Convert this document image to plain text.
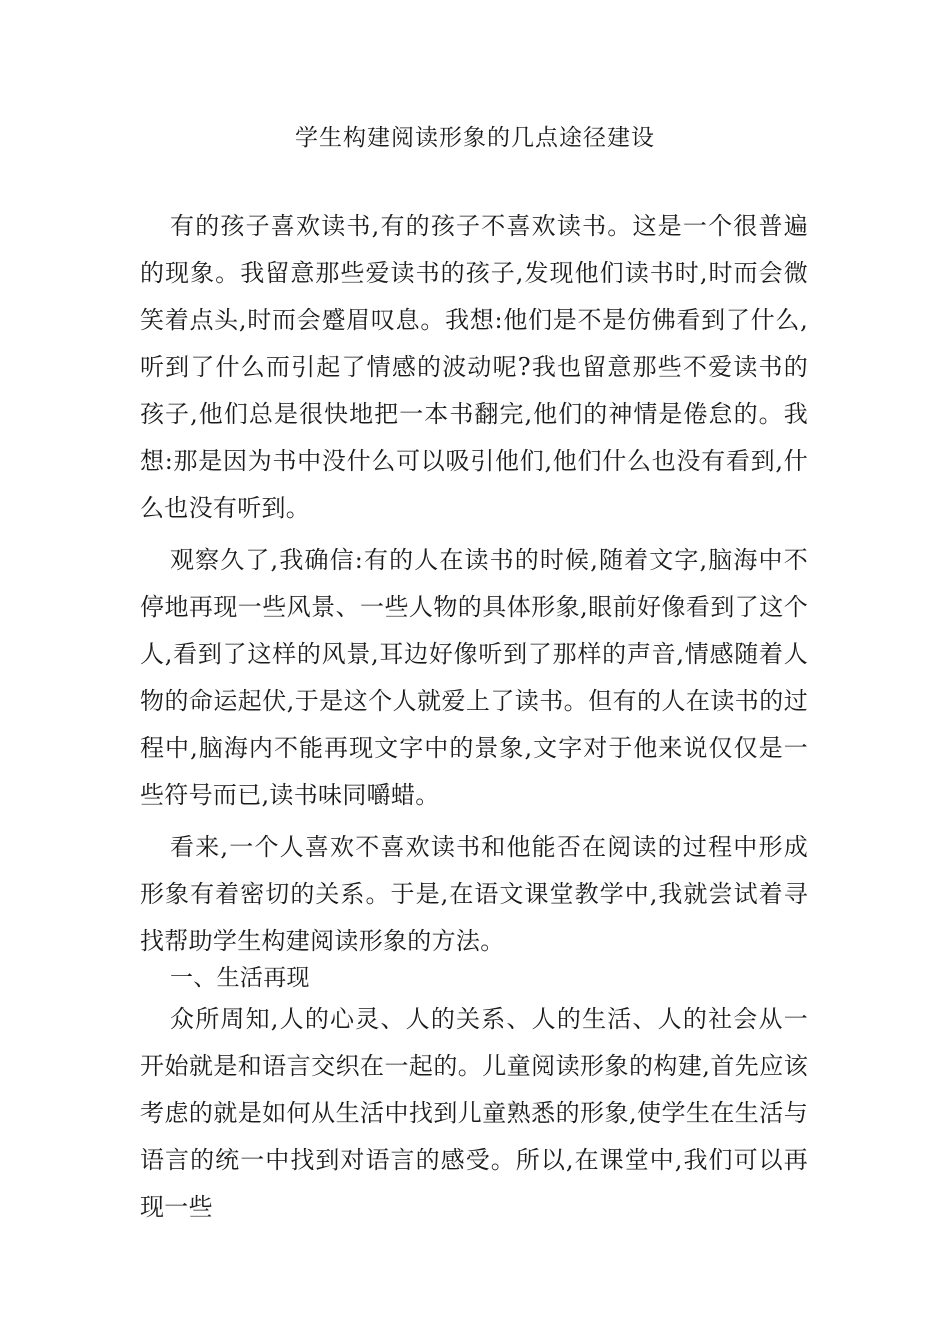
学生构建阅读形象的几点途径建设

有的孩子喜欢读书,有的孩子不喜欢读书。这是一个很普遍的现象。我留意那些爱读书的孩子,发现他们读书时,时而会微笑着点头,时而会蹙眉叹息。我想:他们是不是仿佛看到了什么,听到了什么而引起了情感的波动呢?我也留意那些不爱读书的孩子,他们总是很快地把一本书翻完,他们的神情是倦怠的。我想:那是因为书中没什么可以吸引他们,他们什么也没有看到,什么也没有听到。

观察久了,我确信:有的人在读书的时候,随着文字,脑海中不停地再现一些风景、一些人物的具体形象,眼前好像看到了这个人,看到了这样的风景,耳边好像听到了那样的声音,情感随着人物的命运起伏,于是这个人就爱上了读书。但有的人在读书的过程中,脑海内不能再现文字中的景象,文字对于他来说仅仅是一些符号而已,读书味同嚼蜡。

看来,一个人喜欢不喜欢读书和他能否在阅读的过程中形成形象有着密切的关系。于是,在语文课堂教学中,我就尝试着寻找帮助学生构建阅读形象的方法。

一、生活再现

众所周知,人的心灵、人的关系、人的生活、人的社会从一开始就是和语言交织在一起的。儿童阅读形象的构建,首先应该考虑的就是如何从生活中找到儿童熟悉的形象,使学生在生活与语言的统一中找到对语言的感受。所以,在课堂中,我们可以再现一些
